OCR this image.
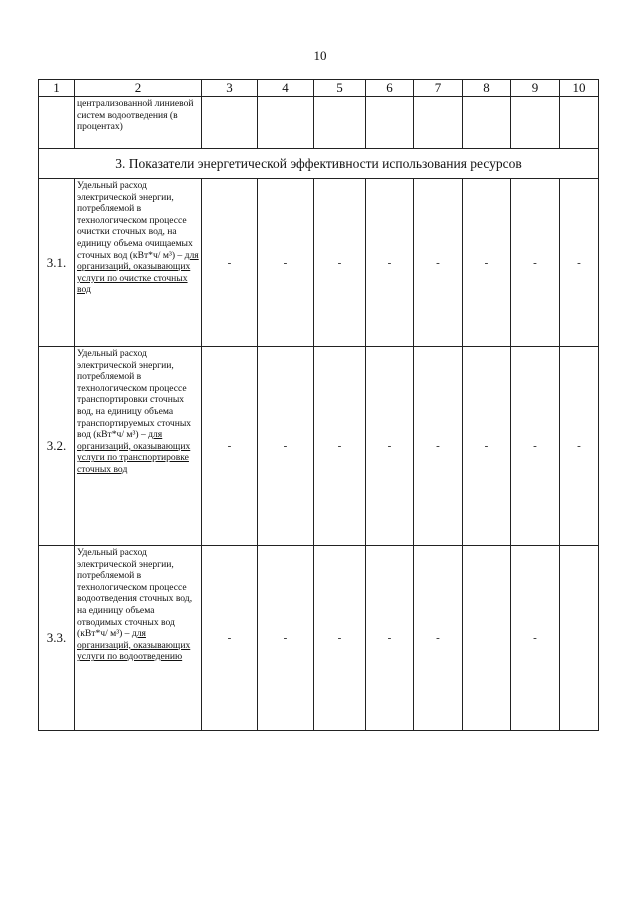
10
1	2	3	4	5	6	7	8	9	10
	централизованной линиевой систем водоотведения (в процентах)								
3. Показатели энергетической эффективности использования ресурсов									
3.1.	Удельный расход электрической энергии, потребляемой в технологическом процессе очистки сточных вод, на единицу объема очищаемых сточных вод (кВт*ч/ м³) – для организаций, оказывающих услуги по очистке сточных вод	-	-	-	-	-	-	-	-
3.2.	Удельный расход электрической энергии, потребляемой в технологическом процессе транспортировки сточных вод, на единицу объема транспортируемых сточных вод (кВт*ч/ м³) – для организаций, оказывающих услуги по транспортировке сточных вод	-	-	-	-	-	-	-	-
3.3.	Удельный расход электрической энергии, потребляемой в технологическом процессе водоотведения сточных вод, на единицу объема отводимых сточных вод (кВт*ч/ м³) – для организаций, оказывающих услуги по водоотведению	-	-	-	-	-		-	
